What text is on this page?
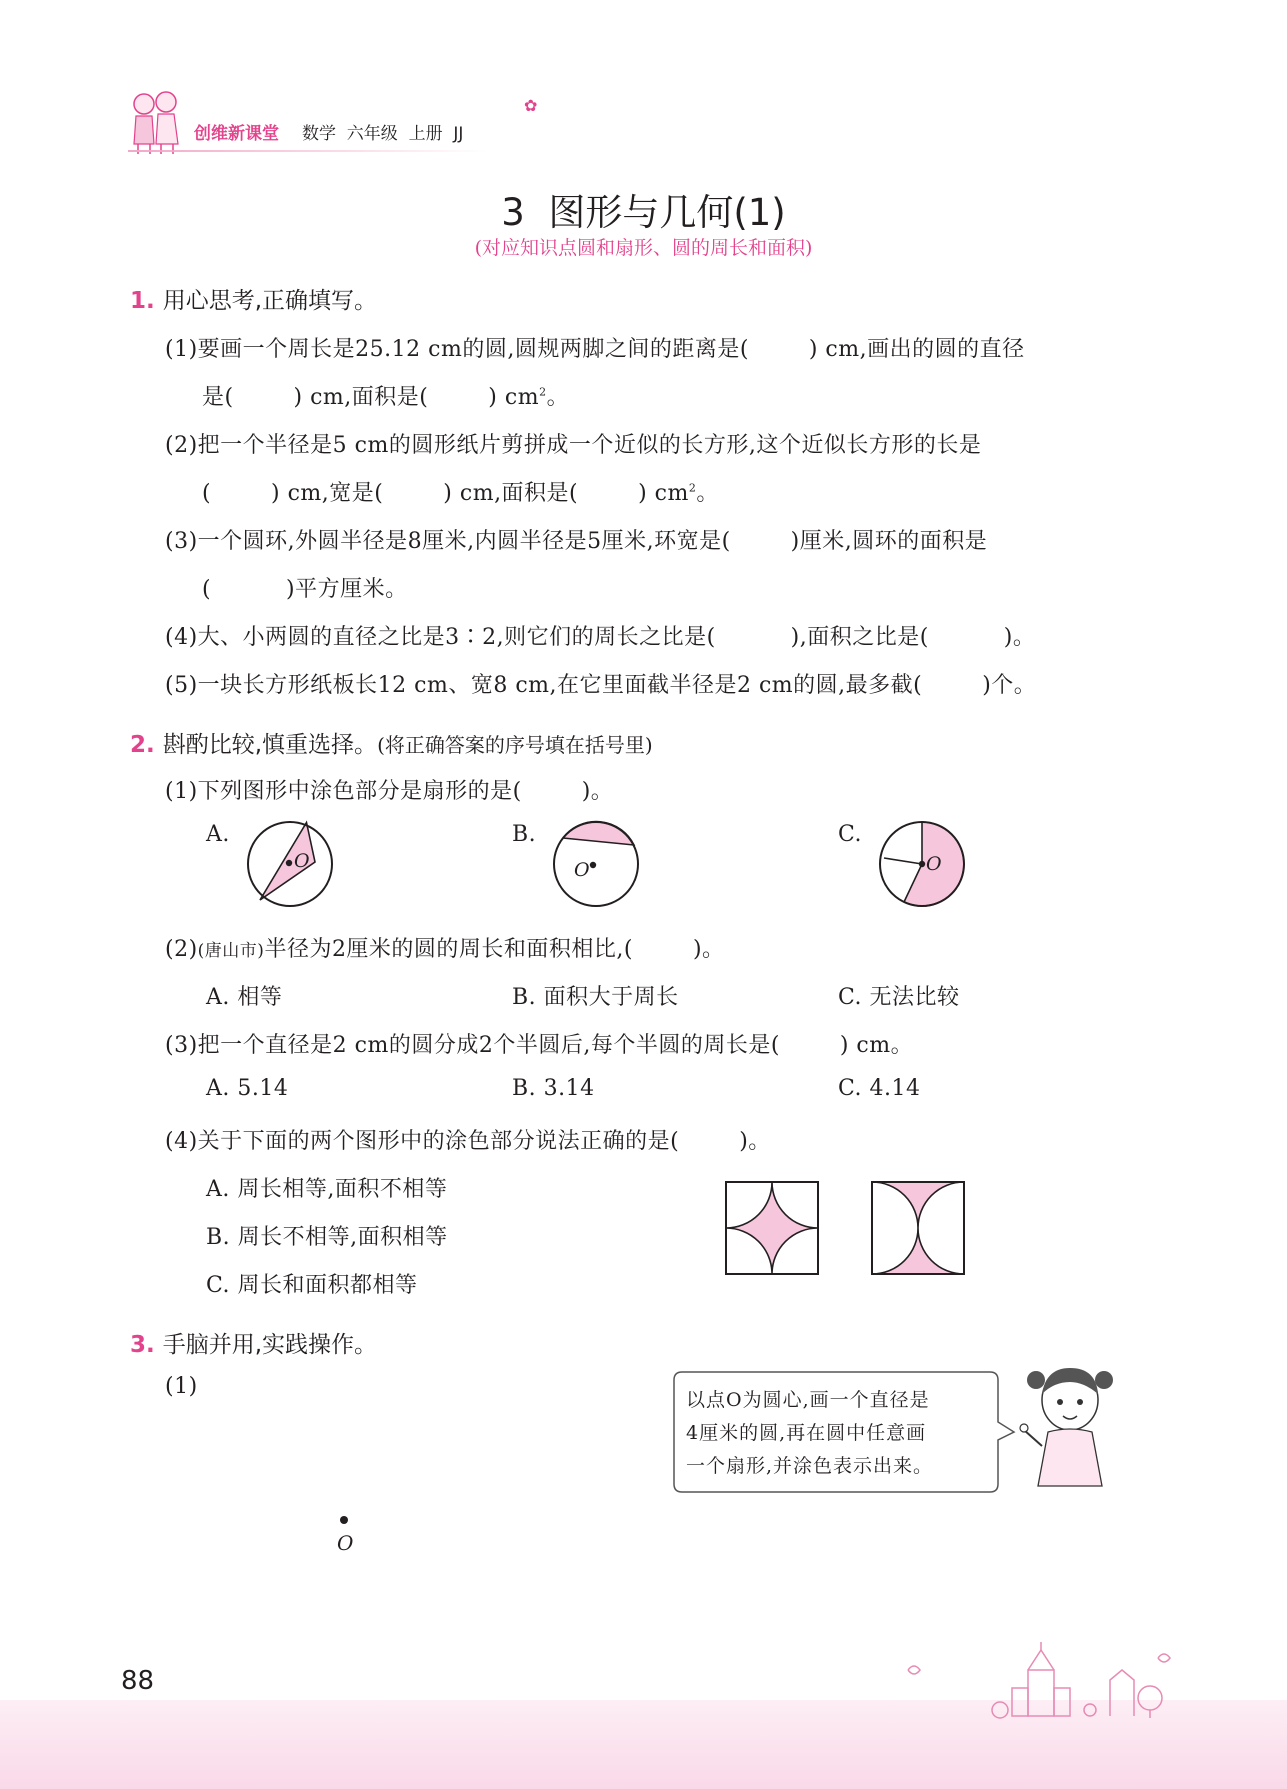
创维新课堂 数学  六年级  上册  JJ
✿
3  图形与几何(1)
(对应知识点圆和扇形、圆的周长和面积)
1. 用心思考,正确填写。
(1)要画一个周长是25.12 cm的圆,圆规两脚之间的距离是(        ) cm,画出的圆的直径
是(        ) cm,面积是(        ) $cm^2$。
(2)把一个半径是5 cm的圆形纸片剪拼成一个近似的长方形,这个近似长方形的长是
(        ) cm,宽是(        ) cm,面积是(        ) $cm^2$。
(3)一个圆环,外圆半径是8厘米,内圆半径是5厘米,环宽是(        )厘米,圆环的面积是
(          )平方厘米。
(4)大、小两圆的直径之比是3∶2,则它们的周长之比是(          ),面积之比是(          )。
(5)一块长方形纸板长12 cm、宽8 cm,在它里面截半径是2 cm的圆,最多截(        )个。
2. 斟酌比较,慎重选择。(将正确答案的序号填在括号里)
(1)下列图形中涂色部分是扇形的是(        )。
A.	B.	C.
O	O	O
(2)(唐山市)半径为2厘米的圆的周长和面积相比,(        )。
A. 相等	B. 面积大于周长	C. 无法比较
(3)把一个直径是2 cm的圆分成2个半圆后,每个半圆的周长是(        ) cm。
A. 5.14	B. 3.14	C. 4.14
(4)关于下面的两个图形中的涂色部分说法正确的是(        )。
A. 周长相等,面积不相等
B. 周长不相等,面积相等
C. 周长和面积都相等
3. 手脑并用,实践操作。
(1)
以点O为圆心,画一个直径是
4厘米的圆,再在圆中任意画
一个扇形,并涂色表示出来。
O
88
